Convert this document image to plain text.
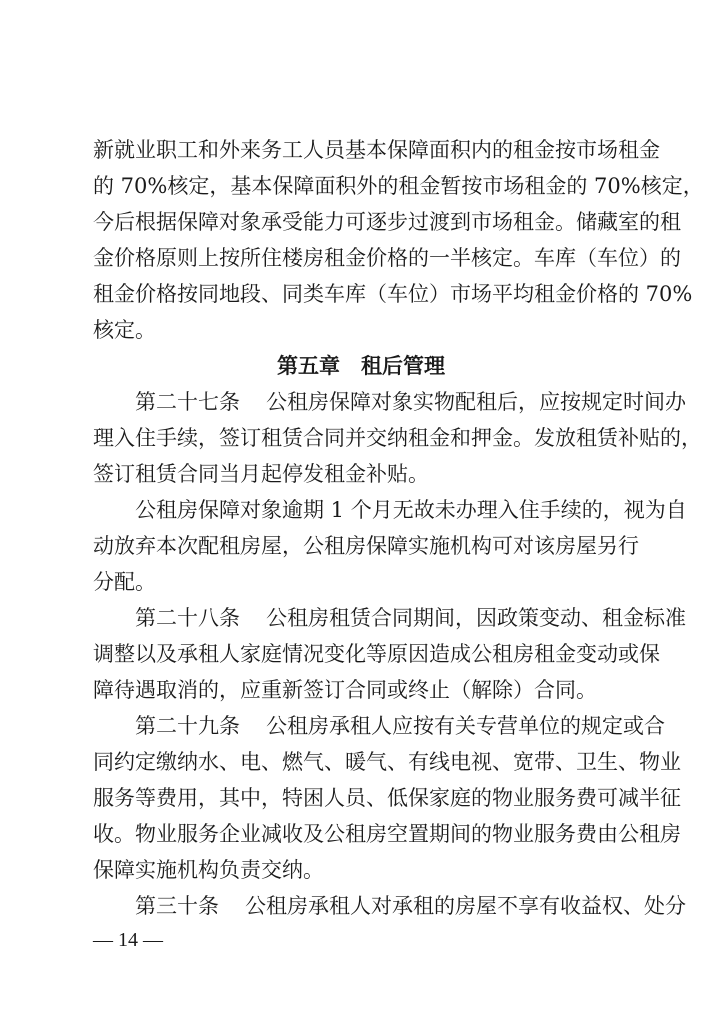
新就业职工和外来务工人员基本保障面积内的租金按市场租金
的 70%核定，基本保障面积外的租金暂按市场租金的 70%核定，
今后根据保障对象承受能力可逐步过渡到市场租金。储藏室的租
金价格原则上按所住楼房租金价格的一半核定。车库（车位）的
租金价格按同地段、同类车库（车位）市场平均租金价格的 70%
核定。
第五章　租后管理
第二十七条 公租房保障对象实物配租后，应按规定时间办
理入住手续，签订租赁合同并交纳租金和押金。发放租赁补贴的，
签订租赁合同当月起停发租金补贴。
公租房保障对象逾期 1 个月无故未办理入住手续的，视为自
动放弃本次配租房屋，公租房保障实施机构可对该房屋另行
分配。
第二十八条 公租房租赁合同期间，因政策变动、租金标准
调整以及承租人家庭情况变化等原因造成公租房租金变动或保
障待遇取消的，应重新签订合同或终止（解除）合同。
第二十九条 公租房承租人应按有关专营单位的规定或合
同约定缴纳水、电、燃气、暖气、有线电视、宽带、卫生、物业
服务等费用，其中，特困人员、低保家庭的物业服务费可减半征
收。物业服务企业减收及公租房空置期间的物业服务费由公租房
保障实施机构负责交纳。
第三十条 公租房承租人对承租的房屋不享有收益权、处分
— 14 —
